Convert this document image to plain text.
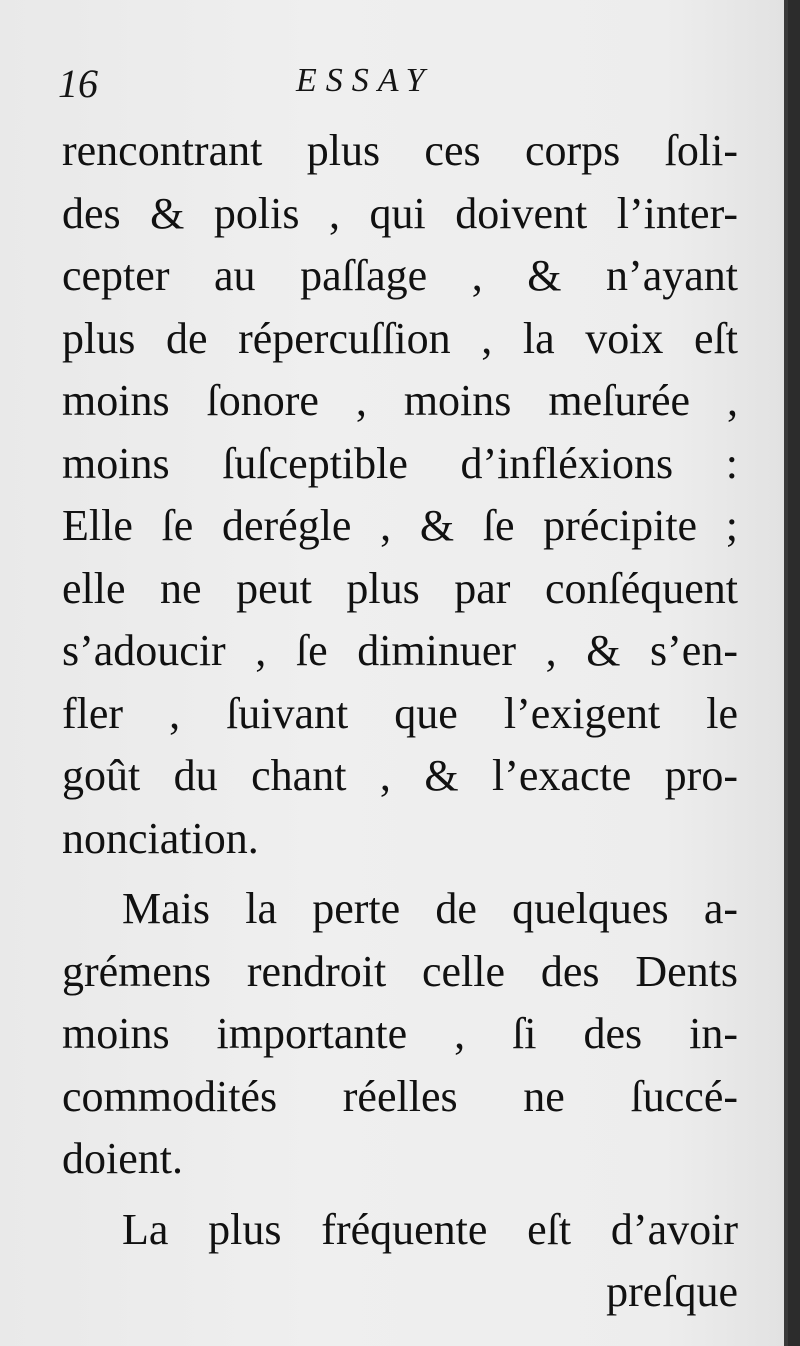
16	ESSAY
rencontrant plus ces corps ſoli-
des & polis , qui doivent l’inter-
cepter au paſſage , & n’ayant
plus de répercuſſion , la voix eſt
moins ſonore , moins meſurée ,
moins ſuſceptible d’infléxions :
Elle ſe derégle , & ſe précipite ;
elle ne peut plus par conſéquent
s’adoucir , ſe diminuer , & s’en-
fler , ſuivant que l’exigent le
goût du chant , & l’exacte pro-
nonciation.
Mais la perte de quelques a-
grémens rendroit celle des Dents
moins importante , ſi des in-
commodités réelles ne ſuccé-
doient.
La plus fréquente eſt d’avoir
preſque
